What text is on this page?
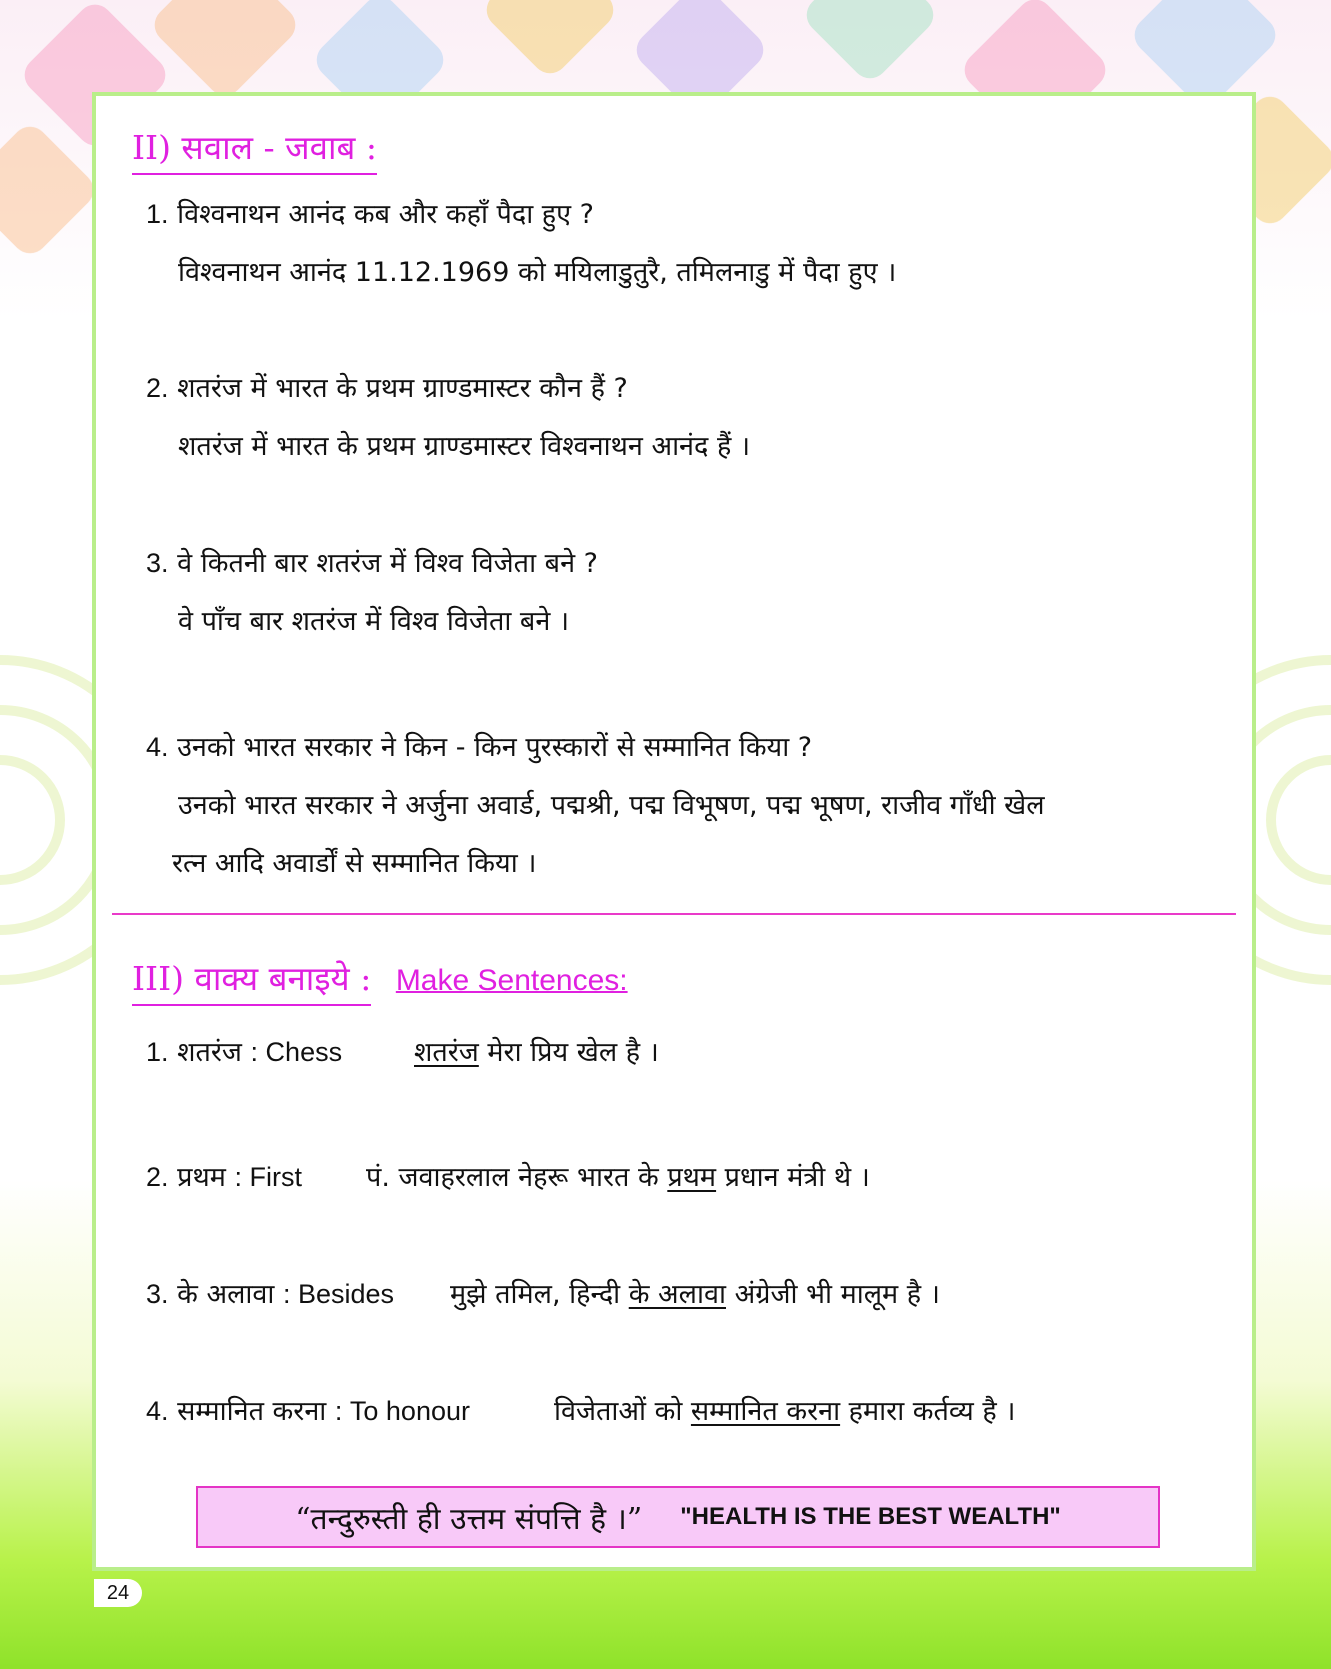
II) सवाल - जवाब :
1. विश्वनाथन आनंद कब और कहाँ पैदा हुए ?
विश्वनाथन आनंद 11.12.1969 को मयिलाडुतुरै, तमिलनाडु में पैदा हुए ।
2. शतरंज में भारत के प्रथम ग्राण्डमास्टर कौन हैं ?
शतरंज में भारत के प्रथम ग्राण्डमास्टर विश्वनाथन आनंद हैं ।
3. वे कितनी बार शतरंज में विश्व विजेता बने ?
वे पाँच बार शतरंज में विश्व विजेता बने ।
4. उनको भारत सरकार ने किन - किन पुरस्कारों से सम्मानित किया ?
उनको भारत सरकार ने अर्जुना अवार्ड, पद्मश्री, पद्म विभूषण, पद्म भूषण, राजीव गाँधी खेल
रत्न आदि अवार्डों से सम्मानित किया ।
III) वाक्य बनाइये : Make Sentences:
1. शतरंज : Chess	शतरंज मेरा प्रिय खेल है ।
2. प्रथम : First पं. जवाहरलाल नेहरू भारत के प्रथम प्रधान मंत्री थे ।
3. के अलावा : Besides मुझे तमिल, हिन्दी के अलावा अंग्रेजी भी मालूम है ।
4. सम्मानित करना : To honour	विजेताओं को सम्मानित करना हमारा कर्तव्य है ।
“तन्दुरुस्ती ही उत्तम संपत्ति है ।” "HEALTH IS THE BEST WEALTH"
24
